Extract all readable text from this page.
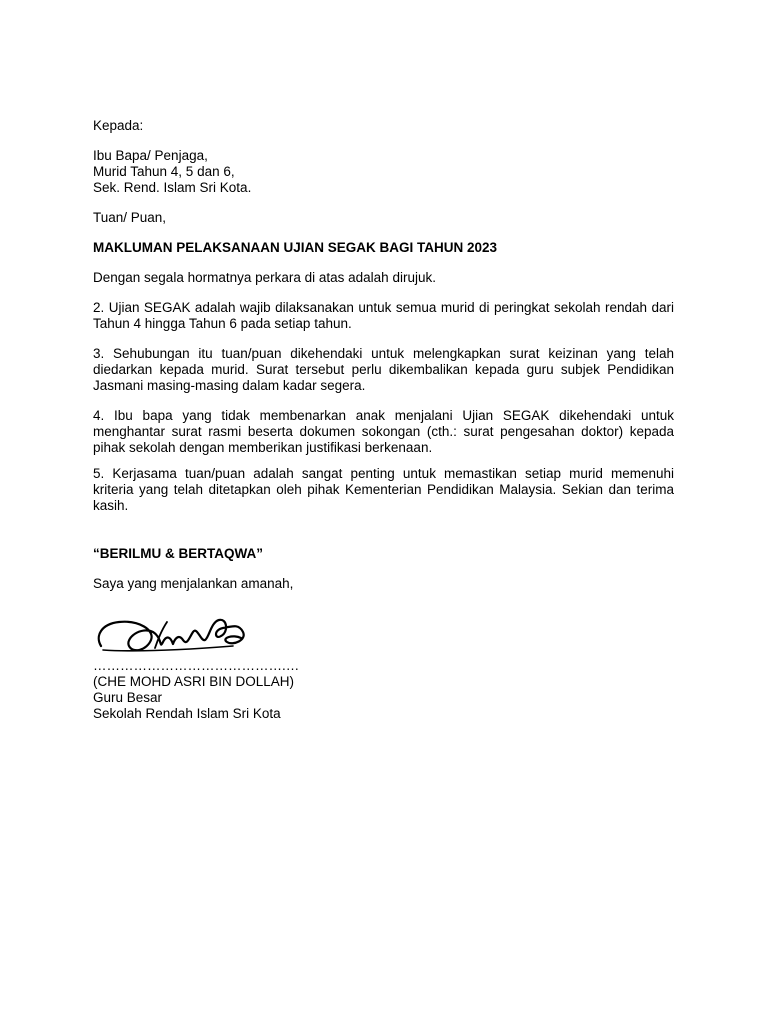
Kepada:
Ibu Bapa/ Penjaga,
Murid Tahun 4, 5 dan 6,
Sek. Rend. Islam Sri Kota.
Tuan/ Puan,
MAKLUMAN PELAKSANAAN UJIAN SEGAK BAGI TAHUN 2023

Dengan segala hormatnya perkara di atas adalah dirujuk.

2. Ujian SEGAK adalah wajib dilaksanakan untuk semua murid di peringkat sekolah rendah dari Tahun 4 hingga Tahun 6 pada setiap tahun.

3. Sehubungan itu tuan/puan dikehendaki untuk melengkapkan surat keizinan yang telah diedarkan kepada murid. Surat tersebut perlu dikembalikan kepada guru subjek Pendidikan Jasmani masing-masing dalam kadar segera.

4. Ibu bapa yang tidak membenarkan anak menjalani Ujian SEGAK dikehendaki untuk menghantar surat rasmi beserta dokumen sokongan (cth.: surat pengesahan doktor) kepada pihak sekolah dengan memberikan justifikasi berkenaan.

5. Kerjasama tuan/puan adalah sangat penting untuk memastikan setiap murid memenuhi kriteria yang telah ditetapkan oleh pihak Kementerian Pendidikan Malaysia. Sekian dan terima kasih.

“BERILMU & BERTAQWA”
Saya yang menjalankan amanah,
…………………………………….…
(CHE MOHD ASRI BIN DOLLAH)
Guru Besar
Sekolah Rendah Islam Sri Kota
